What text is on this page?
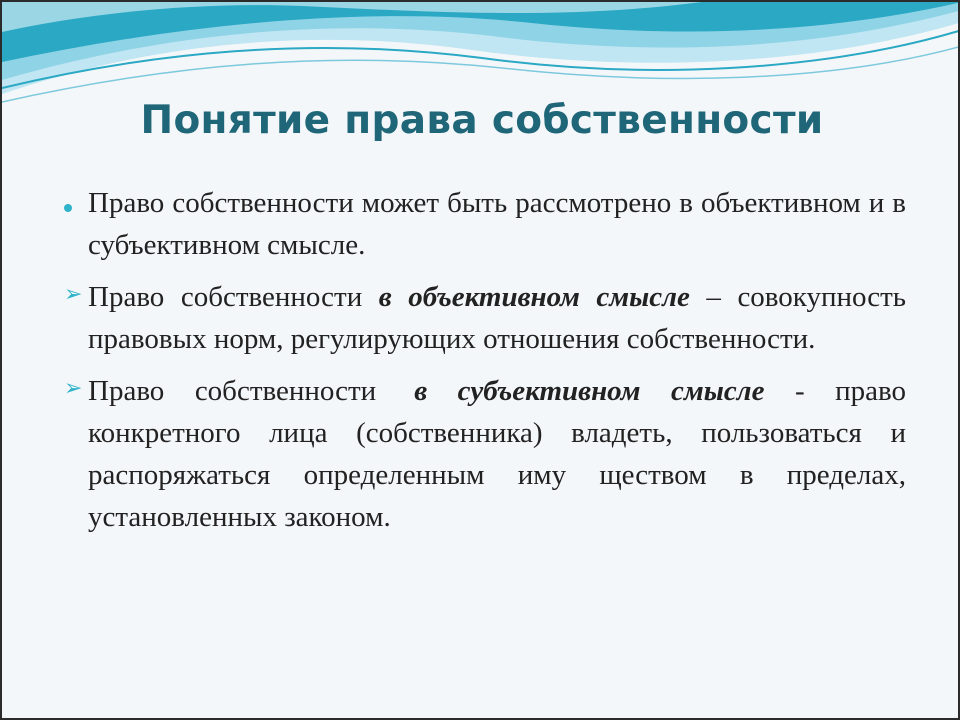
Понятие права собственности

Право собственности может быть рассмотрено в объективном и в субъективном смысле.

➢ Право собственности в объективном смысле – совокупность правовых норм, регулирующих отношения собственности.

➢ Право собственности в субъективном смысле - право конкретного лица (собственника) владеть, пользоваться и распоряжаться определенным иму ществом в пределах, установленных законом.
